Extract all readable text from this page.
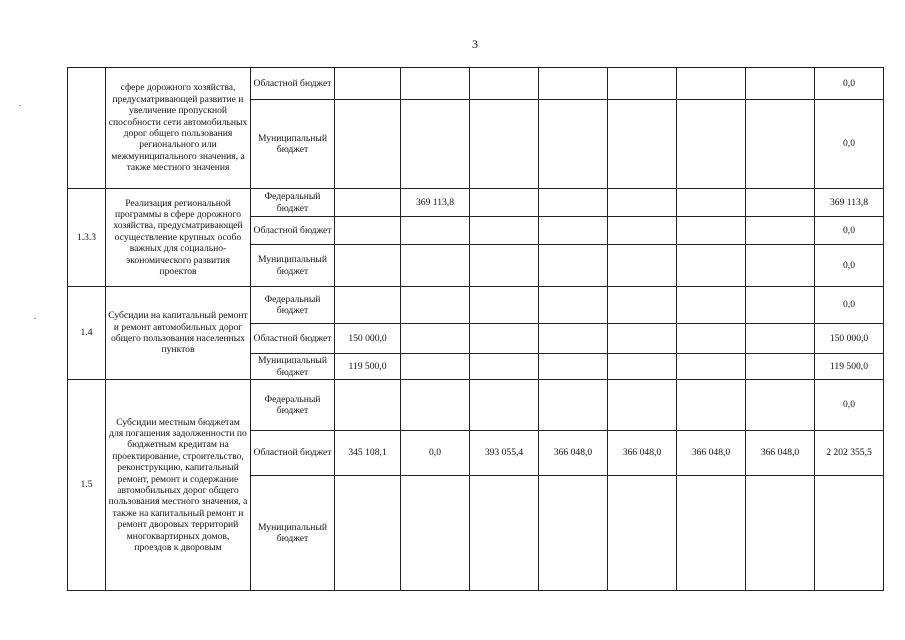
3
	сфере дорожного хозяйства, предусматривающей развитие и увеличение пропускной способности сети автомобильных дорог общего пользования регионального или межмуниципального значения, а также местного значения	Областной бюджет								0,0
		Муниципальный бюджет								0,0
1.3.3	Реализация региональной программы в сфере дорожного хозяйства, предусматривающей осуществление крупных особо важных для социально-экономического развития проектов	Федеральный бюджет		369 113,8						369 113,8
		Областной бюджет								0,0
		Муниципальный бюджет								0,0
1.4	Субсидии на капитальный ремонт и ремонт автомобильных дорог общего пользования населенных пунктов	Федеральный бюджет								0,0
		Областной бюджет	150 000,0							150 000,0
		Муниципальный бюджет	119 500,0							119 500,0
1.5	Субсидии местным бюджетам для погашения задолженности по бюджетным кредитам на проектирование, строительство, реконструкцию, капитальный ремонт, ремонт и содержание автомобильных дорог общего пользования местного значения, а также на капитальный ремонт и ремонт дворовых территорий многоквартирных домов, проездов к дворовым	Федеральный бюджет								0,0
		Областной бюджет	345 108,1	0,0	393 055,4	366 048,0	366 048,0	366 048,0	366 048,0	2 202 355,5
		Муниципальный бюджет								
